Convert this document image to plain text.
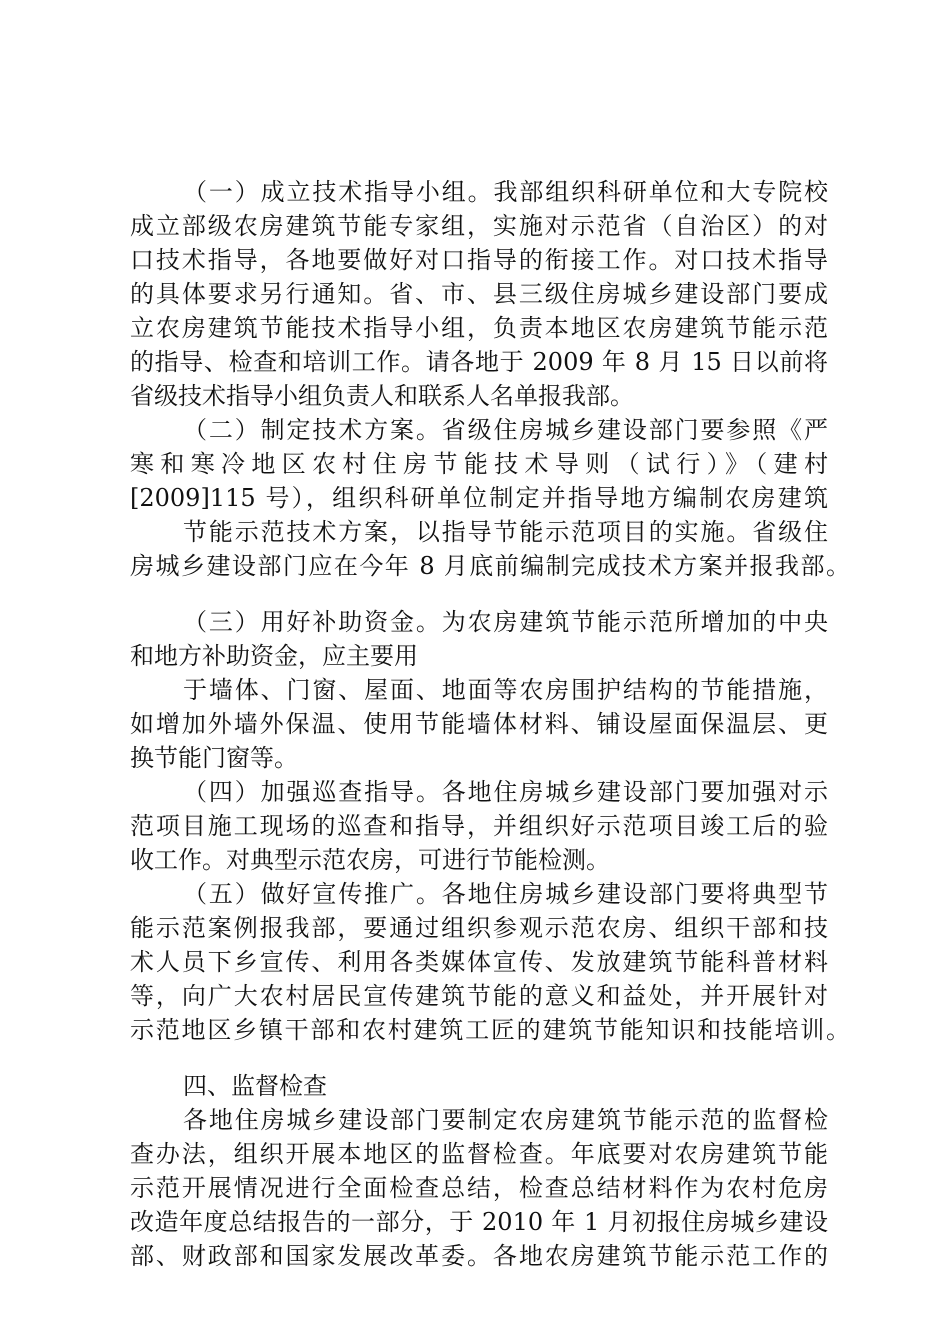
（一）成立技术指导小组。我部组织科研单位和大专院校
成立部级农房建筑节能专家组，实施对示范省（自治区）的对
口技术指导，各地要做好对口指导的衔接工作。对口技术指导
的具体要求另行通知。省、市、县三级住房城乡建设部门要成
立农房建筑节能技术指导小组，负责本地区农房建筑节能示范
的指导、检查和培训工作。请各地于 2009 年 8 月 15 日以前将
省级技术指导小组负责人和联系人名单报我部。
（二）制定技术方案。省级住房城乡建设部门要参照《严
寒和寒冷地区农村住房节能技术导则（试行）》（建村
[2009]115 号），组织科研单位制定并指导地方编制农房建筑
节能示范技术方案，以指导节能示范项目的实施。省级住
房城乡建设部门应在今年 8 月底前编制完成技术方案并报我部。
（三）用好补助资金。为农房建筑节能示范所增加的中央
和地方补助资金，应主要用
于墙体、门窗、屋面、地面等农房围护结构的节能措施，
如增加外墙外保温、使用节能墙体材料、铺设屋面保温层、更
换节能门窗等。
（四）加强巡查指导。各地住房城乡建设部门要加强对示
范项目施工现场的巡查和指导，并组织好示范项目竣工后的验
收工作。对典型示范农房，可进行节能检测。
（五）做好宣传推广。各地住房城乡建设部门要将典型节
能示范案例报我部，要通过组织参观示范农房、组织干部和技
术人员下乡宣传、利用各类媒体宣传、发放建筑节能科普材料
等，向广大农村居民宣传建筑节能的意义和益处，并开展针对
示范地区乡镇干部和农村建筑工匠的建筑节能知识和技能培训。
四、监督检查
各地住房城乡建设部门要制定农房建筑节能示范的监督检
查办法，组织开展本地区的监督检查。年底要对农房建筑节能
示范开展情况进行全面检查总结，检查总结材料作为农村危房
改造年度总结报告的一部分，于 2010 年 1 月初报住房城乡建设
部、财政部和国家发展改革委。各地农房建筑节能示范工作的
